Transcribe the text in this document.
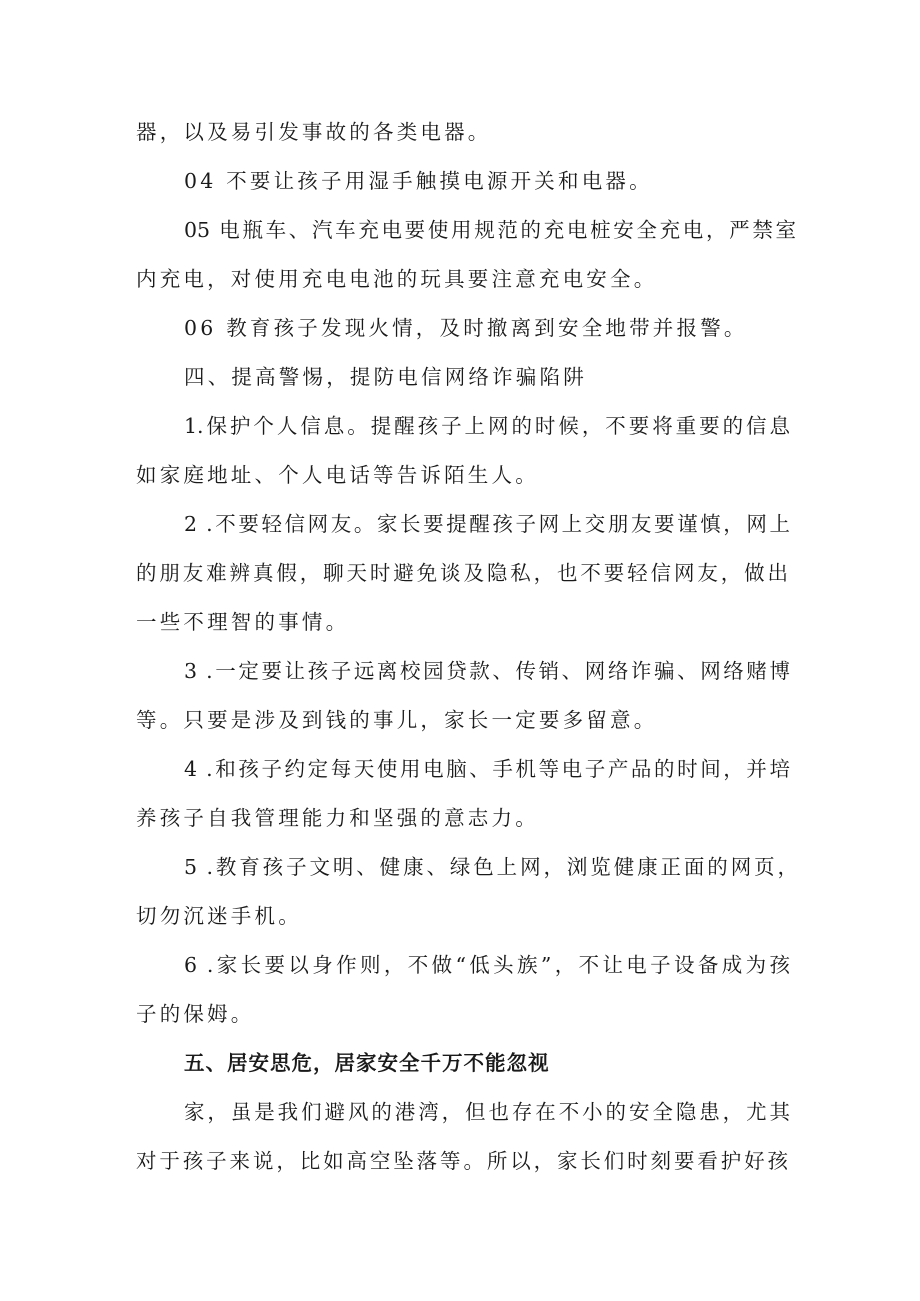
器，以及易引发事故的各类电器。
04 不要让孩子用湿手触摸电源开关和电器。
05 电瓶车、汽车充电要使用规范的充电桩安全充电，严禁室
内充电，对使用充电电池的玩具要注意充电安全。
06 教育孩子发现火情，及时撤离到安全地带并报警。
四、提高警惕，提防电信网络诈骗陷阱
1.保护个人信息。提醒孩子上网的时候，不要将重要的信息
如家庭地址、个人电话等告诉陌生人。
2 .不要轻信网友。家长要提醒孩子网上交朋友要谨慎，网上
的朋友难辨真假，聊天时避免谈及隐私，也不要轻信网友，做出
一些不理智的事情。
3 .一定要让孩子远离校园贷款、传销、网络诈骗、网络赌博
等。只要是涉及到钱的事儿，家长一定要多留意。
4 .和孩子约定每天使用电脑、手机等电子产品的时间，并培
养孩子自我管理能力和坚强的意志力。
5 .教育孩子文明、健康、绿色上网，浏览健康正面的网页，
切勿沉迷手机。
6 .家长要以身作则，不做“低头族”，不让电子设备成为孩
子的保姆。
五、居安思危，居家安全千万不能忽视
家，虽是我们避风的港湾，但也存在不小的安全隐患，尤其
对于孩子来说，比如高空坠落等。所以，家长们时刻要看护好孩
